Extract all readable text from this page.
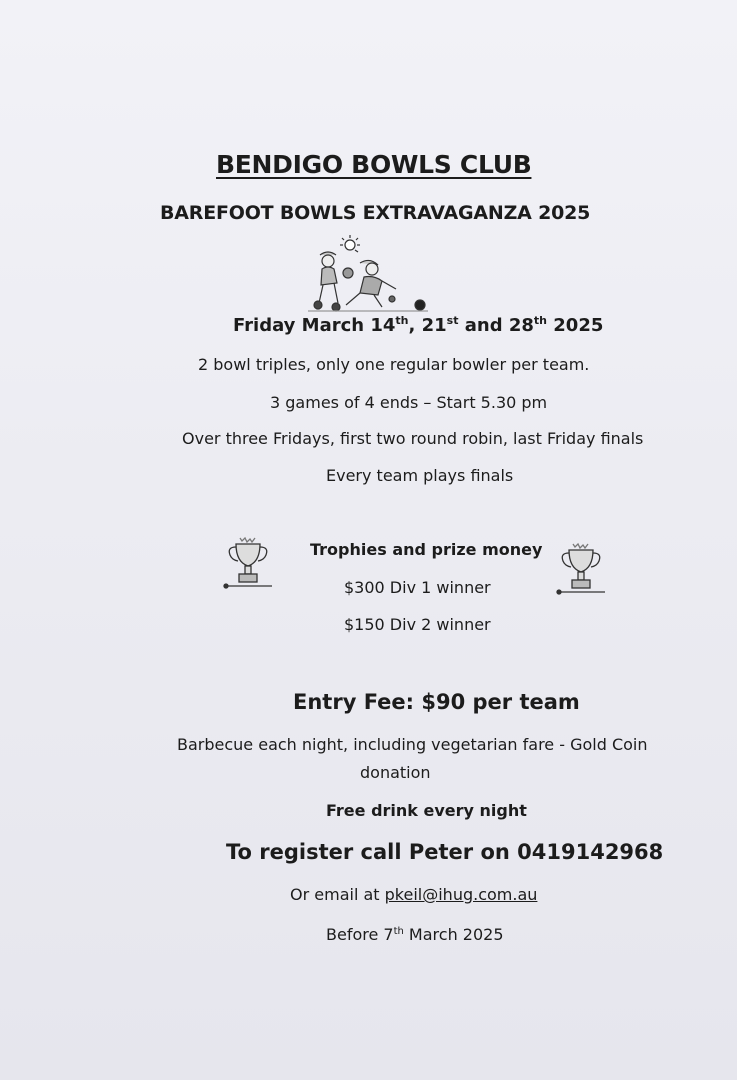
BENDIGO BOWLS CLUB
BAREFOOT BOWLS EXTRAVAGANZA 2025
Friday March 14th, 21st and 28th 2025
2 bowl triples, only one regular bowler per team.
3 games of 4 ends – Start 5.30 pm
Over three Fridays, first two round robin, last Friday finals
Every team plays finals
Trophies and prize money
$300 Div 1 winner
$150 Div 2 winner
Entry Fee: $90 per team
Barbecue each night, including vegetarian fare - Gold Coin
donation
Free drink every night
To register call Peter on 0419142968
Or email at pkeil@ihug.com.au
Before 7th March 2025
